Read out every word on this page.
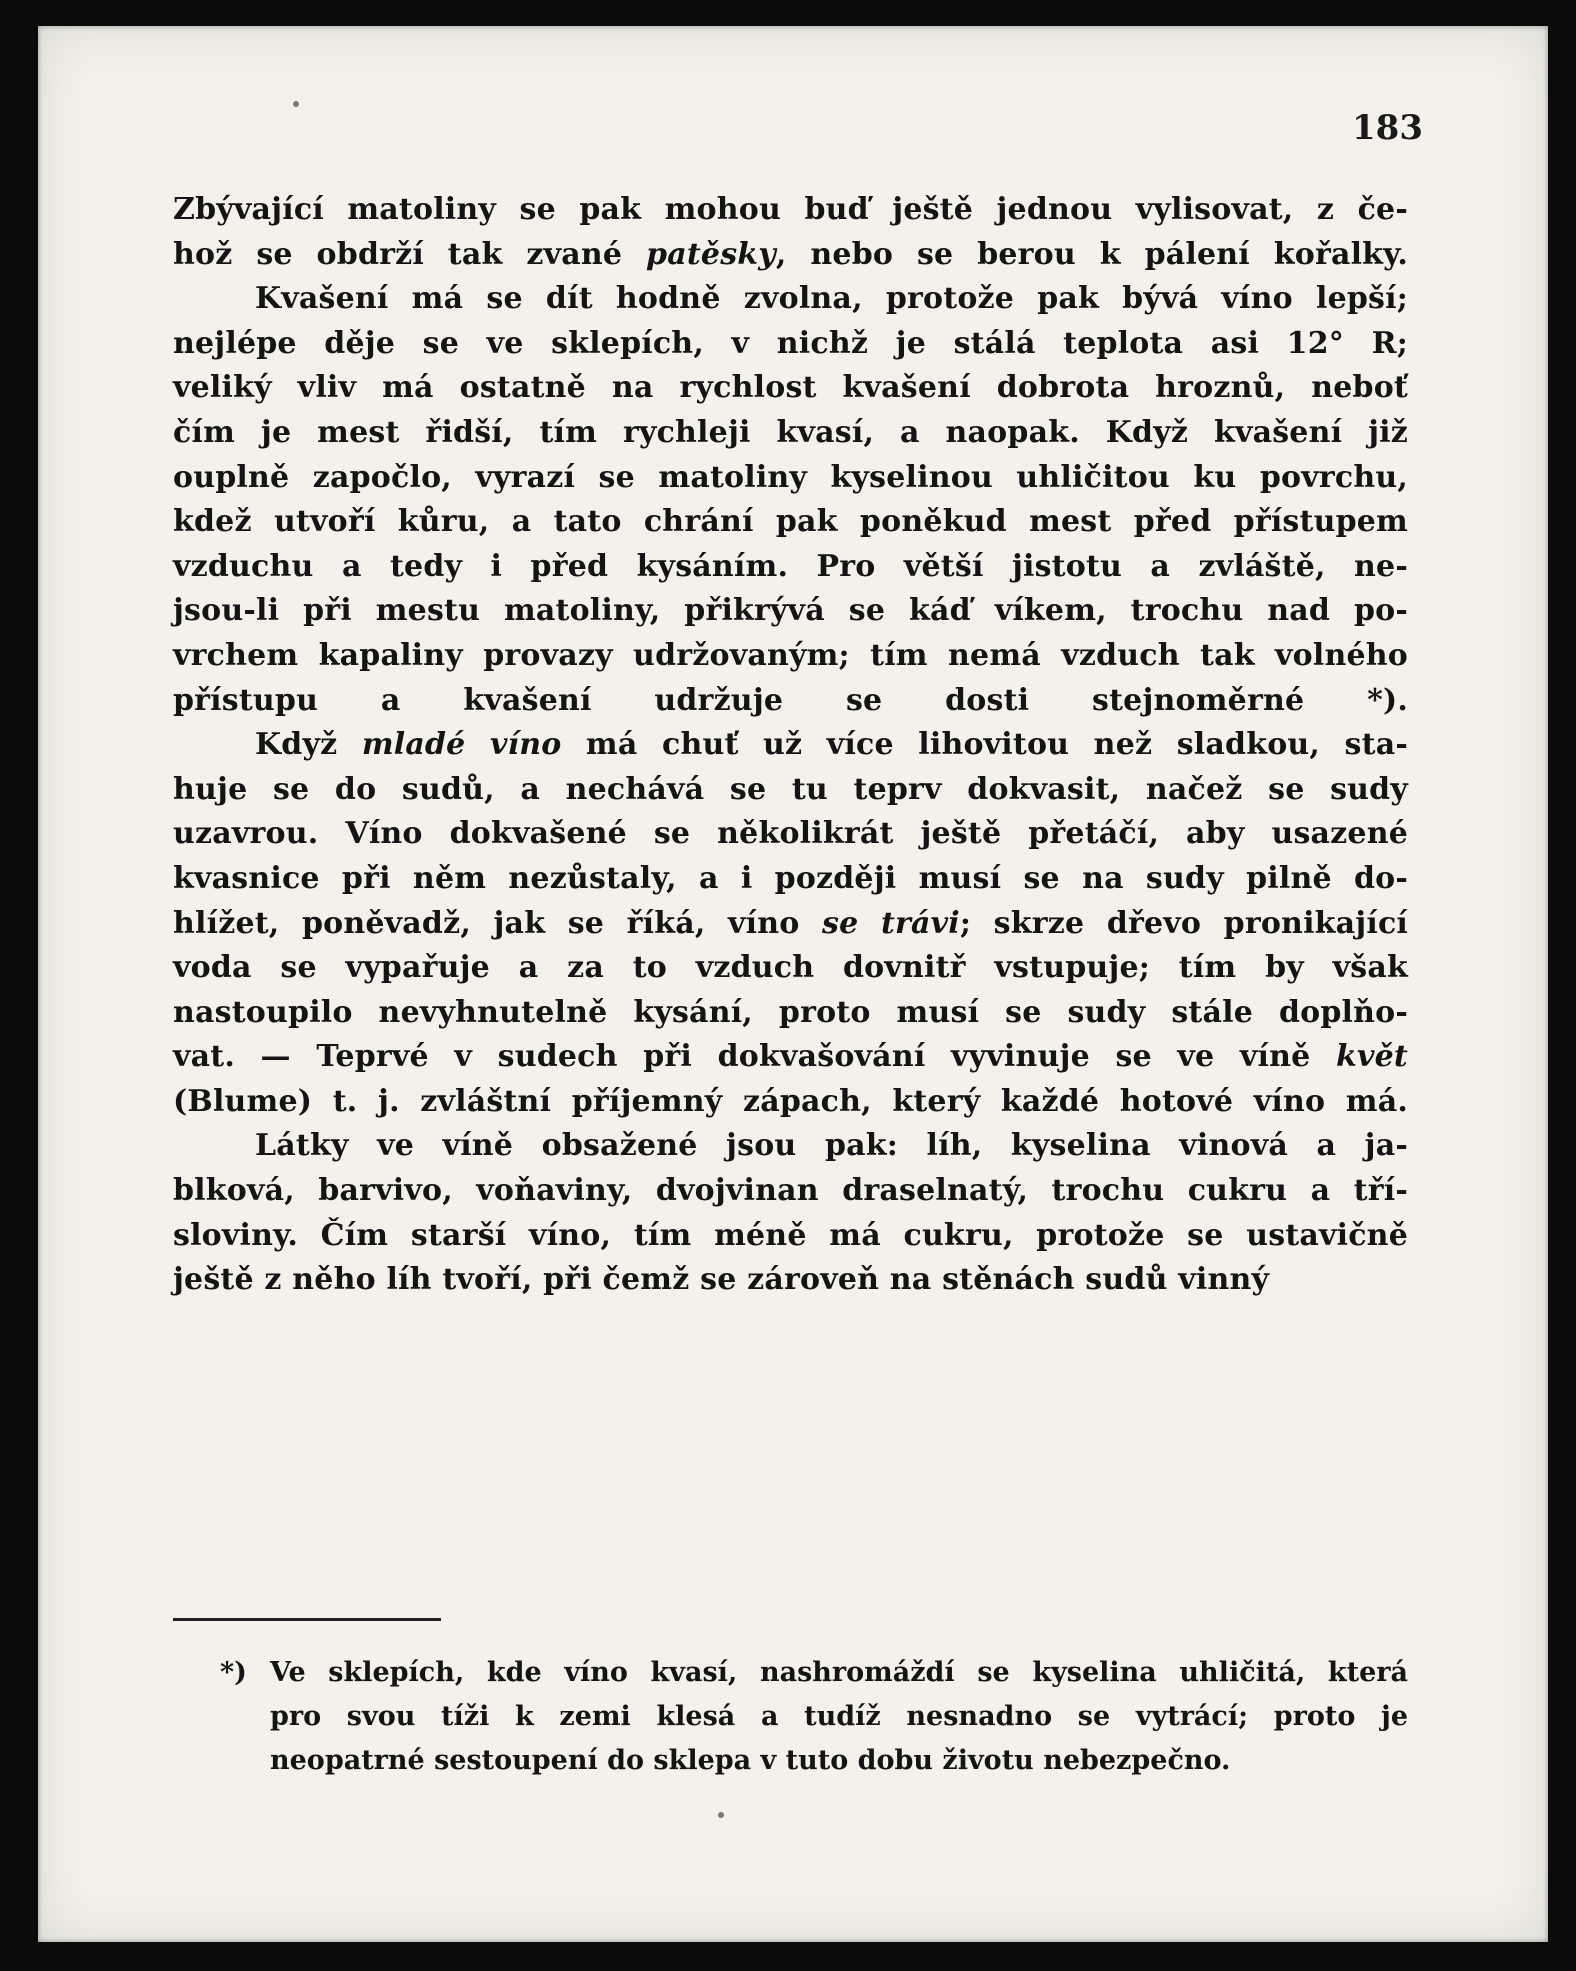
183
Zbývající matoliny se pak mohou buď ještě jednou vylisovat, z če-
hož se obdrží tak zvané patěsky, nebo se berou k pálení kořalky.
Kvašení má se dít hodně zvolna, protože pak bývá víno lepší;
nejlépe děje se ve sklepích, v nichž je stálá teplota asi 12° R;
veliký vliv má ostatně na rychlost kvašení dobrota hroznů, neboť
čím je mest řidší, tím rychleji kvasí, a naopak. Když kvašení již
ouplně započlo, vyrazí se matoliny kyselinou uhličitou ku povrchu,
kdež utvoří kůru, a tato chrání pak poněkud mest před přístupem
vzduchu a tedy i před kysáním. Pro větší jistotu a zvláště, ne-
jsou-li při mestu matoliny, přikrývá se káď víkem, trochu nad po-
vrchem kapaliny provazy udržovaným; tím nemá vzduch tak volného
přístupu a kvašení udržuje se dosti stejnoměrné *).
Když mladé víno má chuť už více lihovitou než sladkou, sta-
huje se do sudů, a nechává se tu teprv dokvasit, načež se sudy
uzavrou. Víno dokvašené se několikrát ještě přetáčí, aby usazené
kvasnice při něm nezůstaly, a i později musí se na sudy pilně do-
hlížet, poněvadž, jak se říká, víno se trávi; skrze dřevo pronikající
voda se vypařuje a za to vzduch dovnitř vstupuje; tím by však
nastoupilo nevyhnutelně kysání, proto musí se sudy stále doplňo-
vat. — Teprvé v sudech při dokvašování vyvinuje se ve víně květ
(Blume) t. j. zvláštní příjemný zápach, který každé hotové víno má.
Látky ve víně obsažené jsou pak: líh, kyselina vinová a ja-
blková, barvivo, voňaviny, dvojvinan draselnatý, trochu cukru a tří-
sloviny. Čím starší víno, tím méně má cukru, protože se ustavičně
ještě z něho líh tvoří, při čemž se zároveň na stěnách sudů vinný
*) Ve sklepích, kde víno kvasí, nashromáždí se kyselina uhličitá, která
pro svou tíži k zemi klesá a tudíž nesnadno se vytrácí; proto je
neopatrné sestoupení do sklepa v tuto dobu životu nebezpečno.
